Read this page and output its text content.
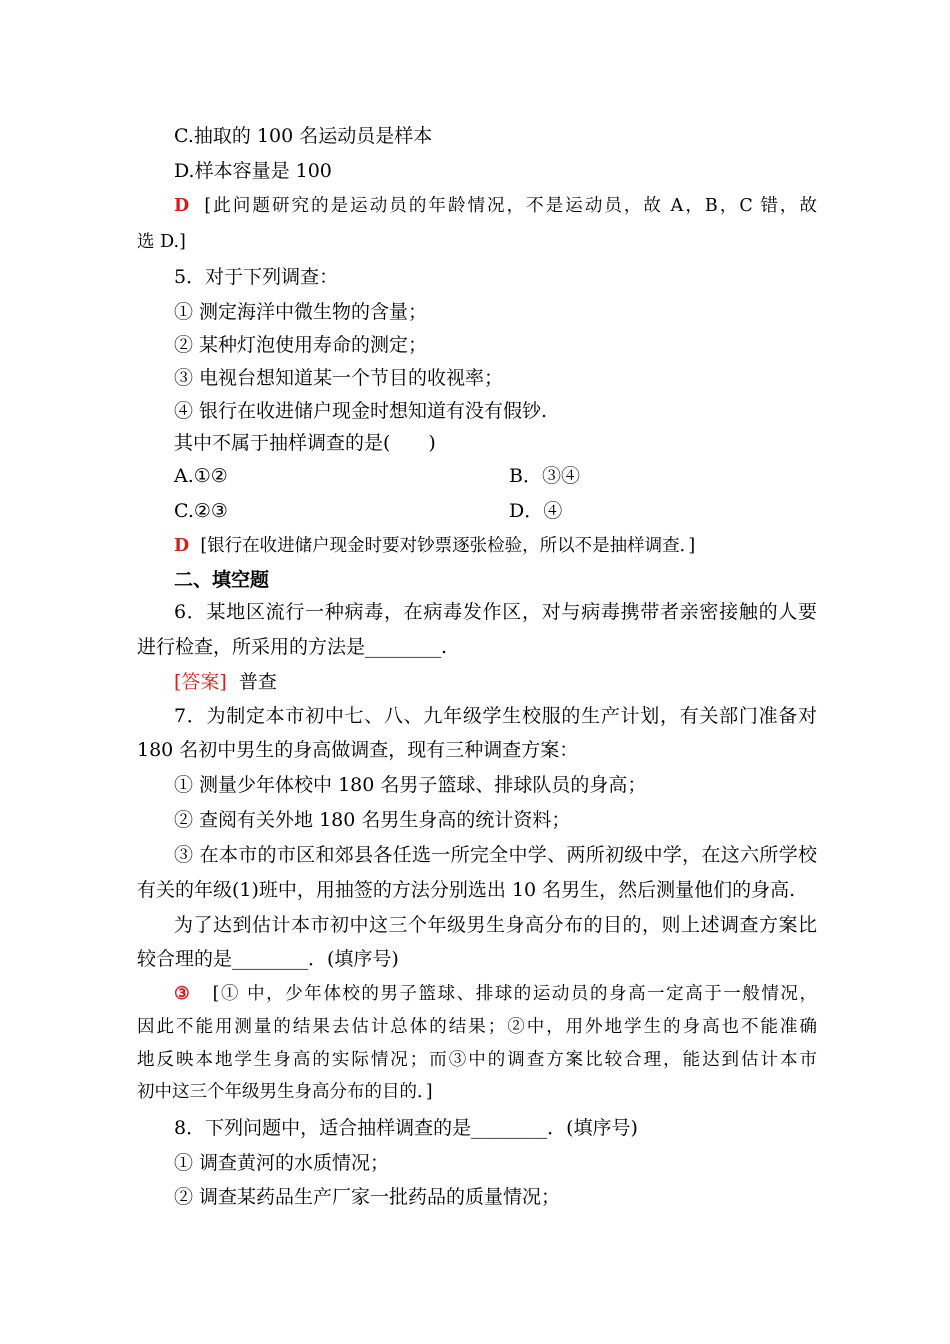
C.抽取的 100 名运动员是样本
D.样本容量是 100
D [此问题研究的是运动员的年龄情况，不是运动员，故 A，B，C 错，故
选 D.]
5．对于下列调查：
① 测定海洋中微生物的含量；
② 某种灯泡使用寿命的测定；
③ 电视台想知道某一个节目的收视率；
④ 银行在收进储户现金时想知道有没有假钞.
其中不属于抽样调查的是(　　)
A.①②	B．③④
C.②③	D．④
D [银行在收进储户现金时要对钞票逐张检验，所以不是抽样调查．]
二、填空题
6．某地区流行一种病毒，在病毒发作区，对与病毒携带者亲密接触的人要
进行检查，所采用的方法是________.
[答案] 普查
7．为制定本市初中七、八、九年级学生校服的生产计划，有关部门准备对
180 名初中男生的身高做调查，现有三种调查方案：
① 测量少年体校中 180 名男子篮球、排球队员的身高；
② 查阅有关外地 180 名男生身高的统计资料；
③ 在本市的市区和郊县各任选一所完全中学、两所初级中学，在这六所学校
有关的年级(1)班中，用抽签的方法分别选出 10 名男生，然后测量他们的身高.
为了达到估计本市初中这三个年级男生身高分布的目的，则上述调查方案比
较合理的是________．(填序号)
③ [① 中，少年体校的男子篮球、排球的运动员的身高一定高于一般情况，
因此不能用测量的结果去估计总体的结果；②中，用外地学生的身高也不能准确
地反映本地学生身高的实际情况；而③中的调查方案比较合理，能达到估计本市
初中这三个年级男生身高分布的目的．]
8．下列问题中，适合抽样调查的是________．(填序号)
① 调查黄河的水质情况；
② 调查某药品生产厂家一批药品的质量情况；
